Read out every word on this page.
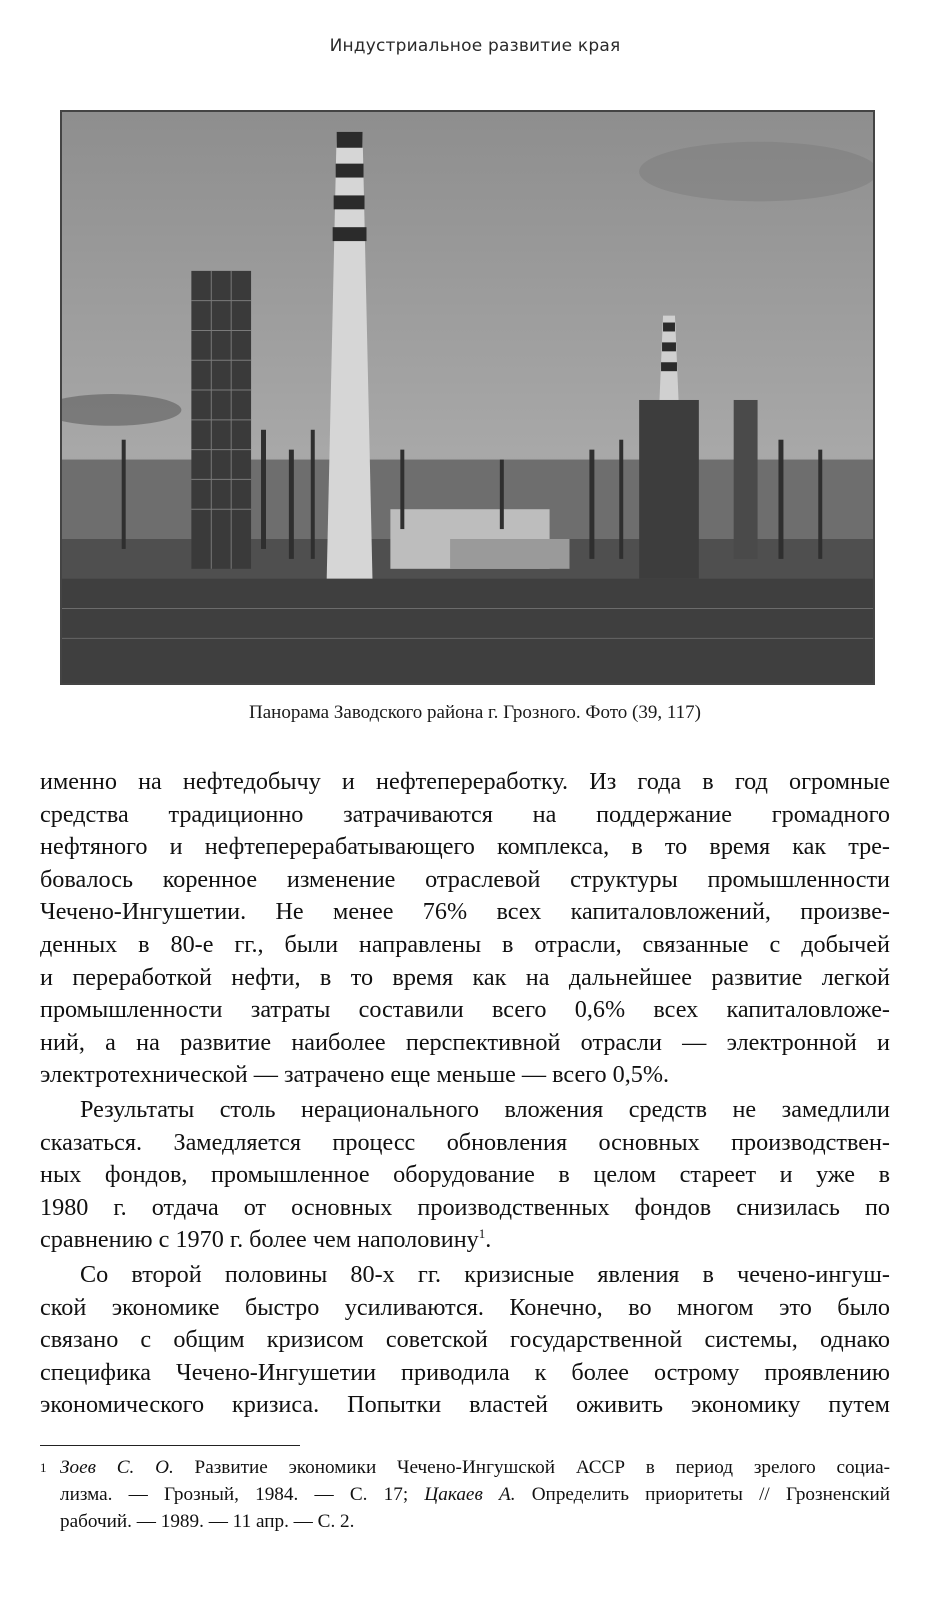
Индустриальное развитие края
Панорама Заводского района г. Грозного. Фото (39, 117)

именно на нефтедобычу и нефтепереработку. Из года в год огромные
средства традиционно затрачиваются на поддержание громадного
нефтяного и нефтеперерабатывающего комплекса, в то время как тре-
бовалось коренное изменение отраслевой структуры промышленности
Чечено-Ингушетии. Не менее 76% всех капиталовложений, произве-
денных в 80-е гг., были направлены в отрасли, связанные с добычей
и переработкой нефти, в то время как на дальнейшее развитие легкой
промышленности затраты составили всего 0,6% всех капиталовложе-
ний, а на развитие наиболее перспективной отрасли — электронной и
электротехнической — затрачено еще меньше — всего 0,5%.

Результаты столь нерационального вложения средств не замедлили
сказаться. Замедляется процесс обновления основных производствен-
ных фондов, промышленное оборудование в целом стареет и уже в
1980 г. отдача от основных производственных фондов снизилась по
сравнению с 1970 г. более чем наполовину$^1$.

Со второй половины 80-х гг. кризисные явления в чечено-ингуш-
ской экономике быстро усиливаются. Конечно, во многом это было
связано с общим кризисом советской государственной системы, однако
специфика Чечено-Ингушетии приводила к более острому проявлению
экономического кризиса. Попытки властей оживить экономику путем

1 Зоев С. О. Развитие экономики Чечено-Ингушской АССР в период зрелого социа-
лизма. — Грозный, 1984. — С. 17; Цакаев А. Определить приоритеты // Грозненский
рабочий. — 1989. — 11 апр. — С. 2.
